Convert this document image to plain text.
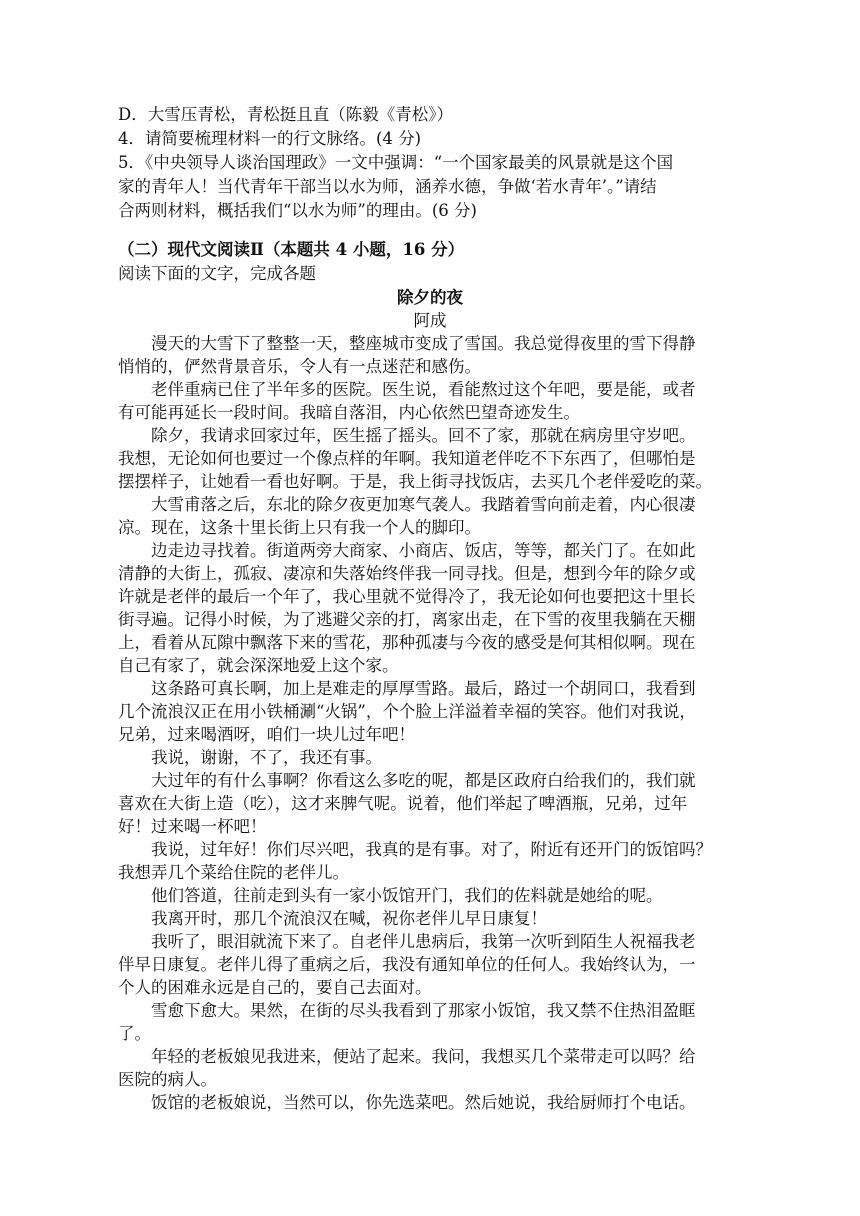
D．大雪压青松，青松挺且直（陈毅《青松》）
4．请简要梳理材料一的行文脉络。(4 分)
5．《中央领导人谈治国理政》一文中强调：“一个国家最美的风景就是这个国
家的青年人！当代青年干部当以水为师，涵养水德，争做‘若水青年’。”请结
合两则材料，概括我们“以水为师”的理由。(6 分)
（二）现代文阅读Ⅱ（本题共 4 小题，16 分）
阅读下面的文字，完成各题
除夕的夜
阿成
漫天的大雪下了整整一天，整座城市变成了雪国。我总觉得夜里的雪下得静
悄悄的，俨然背景音乐，令人有一点迷茫和感伤。
老伴重病已住了半年多的医院。医生说，看能熬过这个年吧，要是能，或者
有可能再延长一段时间。我暗自落泪，内心依然巴望奇迹发生。
除夕，我请求回家过年，医生摇了摇头。回不了家，那就在病房里守岁吧。
我想，无论如何也要过一个像点样的年啊。我知道老伴吃不下东西了，但哪怕是
摆摆样子，让她看一看也好啊。于是，我上街寻找饭店，去买几个老伴爱吃的菜。
大雪甫落之后，东北的除夕夜更加寒气袭人。我踏着雪向前走着，内心很凄
凉。现在，这条十里长街上只有我一个人的脚印。
边走边寻找着。街道两旁大商家、小商店、饭店，等等，都关门了。在如此
清静的大街上，孤寂、凄凉和失落始终伴我一同寻找。但是，想到今年的除夕或
许就是老伴的最后一个年了，我心里就不觉得冷了，我无论如何也要把这十里长
街寻遍。记得小时候，为了逃避父亲的打，离家出走，在下雪的夜里我躺在天棚
上，看着从瓦隙中飘落下来的雪花，那种孤凄与今夜的感受是何其相似啊。现在
自己有家了，就会深深地爱上这个家。
这条路可真长啊，加上是难走的厚厚雪路。最后，路过一个胡同口，我看到
几个流浪汉正在用小铁桶涮“火锅”，个个脸上洋溢着幸福的笑容。他们对我说，
兄弟，过来喝酒呀，咱们一块儿过年吧！
我说，谢谢，不了，我还有事。
大过年的有什么事啊？你看这么多吃的呢，都是区政府白给我们的，我们就
喜欢在大街上造（吃），这才来脾气呢。说着，他们举起了啤酒瓶，兄弟，过年
好！过来喝一杯吧！
我说，过年好！你们尽兴吧，我真的是有事。对了，附近有还开门的饭馆吗？
我想弄几个菜给住院的老伴儿。
他们答道，往前走到头有一家小饭馆开门，我们的佐料就是她给的呢。
我离开时，那几个流浪汉在喊，祝你老伴儿早日康复！
我听了，眼泪就流下来了。自老伴儿患病后，我第一次听到陌生人祝福我老
伴早日康复。老伴儿得了重病之后，我没有通知单位的任何人。我始终认为，一
个人的困难永远是自己的，要自己去面对。
雪愈下愈大。果然，在街的尽头我看到了那家小饭馆，我又禁不住热泪盈眶
了。
年轻的老板娘见我进来，便站了起来。我问，我想买几个菜带走可以吗？给
医院的病人。
饭馆的老板娘说，当然可以，你先选菜吧。然后她说，我给厨师打个电话。
